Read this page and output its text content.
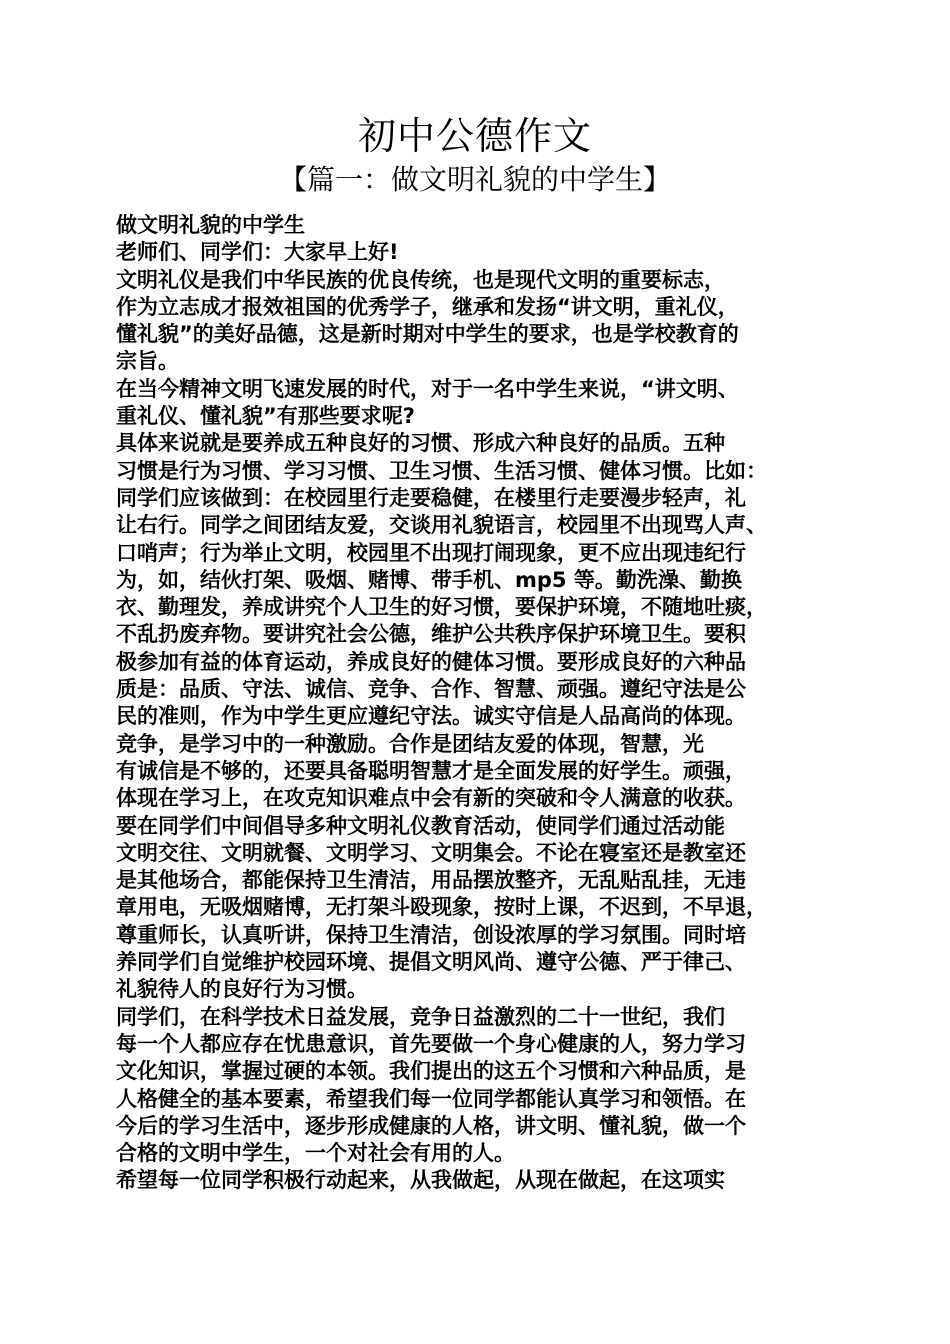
初中公德作文
【篇一：做文明礼貌的中学生】
做文明礼貌的中学生
老师们、同学们：大家早上好!
文明礼仪是我们中华民族的优良传统，也是现代文明的重要标志，
作为立志成才报效祖国的优秀学子，继承和发扬“讲文明，重礼仪，
懂礼貌”的美好品德，这是新时期对中学生的要求，也是学校教育的
宗旨。
在当今精神文明飞速发展的时代，对于一名中学生来说，“讲文明、
重礼仪、懂礼貌”有那些要求呢?
具体来说就是要养成五种良好的习惯、形成六种良好的品质。五种
习惯是行为习惯、学习习惯、卫生习惯、生活习惯、健体习惯。比如：
同学们应该做到：在校园里行走要稳健，在楼里行走要漫步轻声，礼
让右行。同学之间团结友爱，交谈用礼貌语言，校园里不出现骂人声、
口哨声；行为举止文明，校园里不出现打闹现象，更不应出现违纪行
为，如，结伙打架、吸烟、赌博、带手机、mp5 等。勤洗澡、勤换
衣、勤理发，养成讲究个人卫生的好习惯，要保护环境，不随地吐痰，
不乱扔废弃物。要讲究社会公德，维护公共秩序保护环境卫生。要积
极参加有益的体育运动，养成良好的健体习惯。要形成良好的六种品
质是：品质、守法、诚信、竞争、合作、智慧、顽强。遵纪守法是公
民的准则，作为中学生更应遵纪守法。诚实守信是人品高尚的体现。
竞争，是学习中的一种激励。合作是团结友爱的体现，智慧，光
有诚信是不够的，还要具备聪明智慧才是全面发展的好学生。顽强，
体现在学习上，在攻克知识难点中会有新的突破和令人满意的收获。
要在同学们中间倡导多种文明礼仪教育活动，使同学们通过活动能
文明交往、文明就餐、文明学习、文明集会。不论在寝室还是教室还
是其他场合，都能保持卫生清洁，用品摆放整齐，无乱贴乱挂，无违
章用电，无吸烟赌博，无打架斗殴现象，按时上课，不迟到，不早退，
尊重师长，认真听讲，保持卫生清洁，创设浓厚的学习氛围。同时培
养同学们自觉维护校园环境、提倡文明风尚、遵守公德、严于律己、
礼貌待人的良好行为习惯。
同学们，在科学技术日益发展，竞争日益激烈的二十一世纪，我们
每一个人都应存在忧患意识，首先要做一个身心健康的人，努力学习
文化知识，掌握过硬的本领。我们提出的这五个习惯和六种品质，是
人格健全的基本要素，希望我们每一位同学都能认真学习和领悟。在
今后的学习生活中，逐步形成健康的人格，讲文明、懂礼貌，做一个
合格的文明中学生，一个对社会有用的人。
希望每一位同学积极行动起来，从我做起，从现在做起，在这项实
